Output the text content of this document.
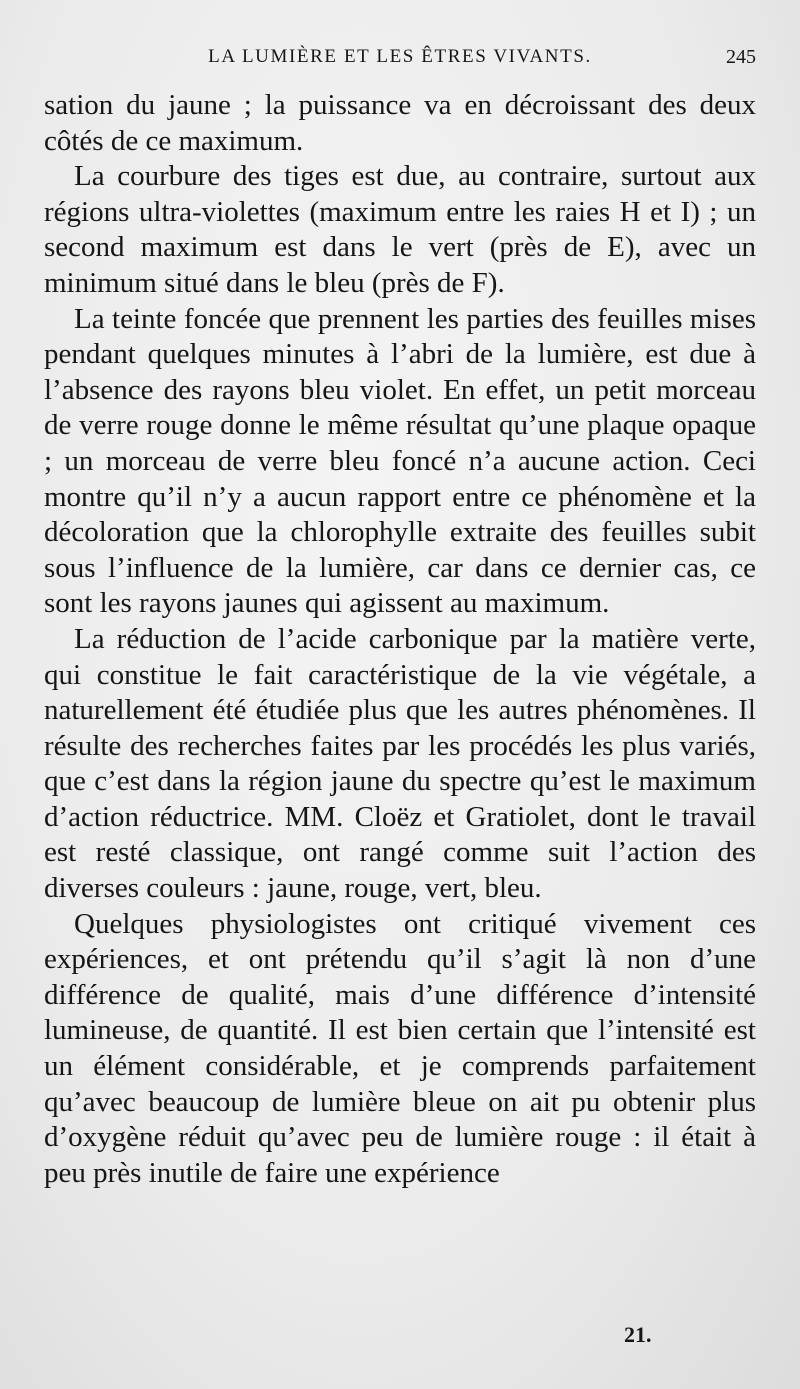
LA LUMIÈRE ET LES ÊTRES VIVANTS.	245

sation du jaune ; la puissance va en décroissant des deux côtés de ce maximum.

La courbure des tiges est due, au contraire, surtout aux régions ultra-violettes (maximum entre les raies H et I) ; un second maximum est dans le vert (près de E), avec un minimum situé dans le bleu (près de F).

La teinte foncée que prennent les parties des feuilles mises pendant quelques minutes à l’abri de la lumière, est due à l’absence des rayons bleu violet. En effet, un petit morceau de verre rouge donne le même résultat qu’une plaque opaque ; un morceau de verre bleu foncé n’a aucune action. Ceci montre qu’il n’y a aucun rapport entre ce phénomène et la décoloration que la chlorophylle extraite des feuilles subit sous l’influence de la lumière, car dans ce dernier cas, ce sont les rayons jaunes qui agissent au maximum.

La réduction de l’acide carbonique par la matière verte, qui constitue le fait caractéristique de la vie végétale, a naturellement été étudiée plus que les autres phénomènes. Il résulte des recherches faites par les procédés les plus variés, que c’est dans la région jaune du spectre qu’est le maximum d’action réductrice. MM. Cloëz et Gratiolet, dont le travail est resté classique, ont rangé comme suit l’action des diverses couleurs : jaune, rouge, vert, bleu.

Quelques physiologistes ont critiqué vivement ces expériences, et ont prétendu qu’il s’agit là non d’une différence de qualité, mais d’une différence d’intensité lumineuse, de quantité. Il est bien certain que l’intensité est un élément considérable, et je comprends parfaitement qu’avec beaucoup de lumière bleue on ait pu obtenir plus d’oxygène réduit qu’avec peu de lumière rouge : il était à peu près inutile de faire une expérience

21.
